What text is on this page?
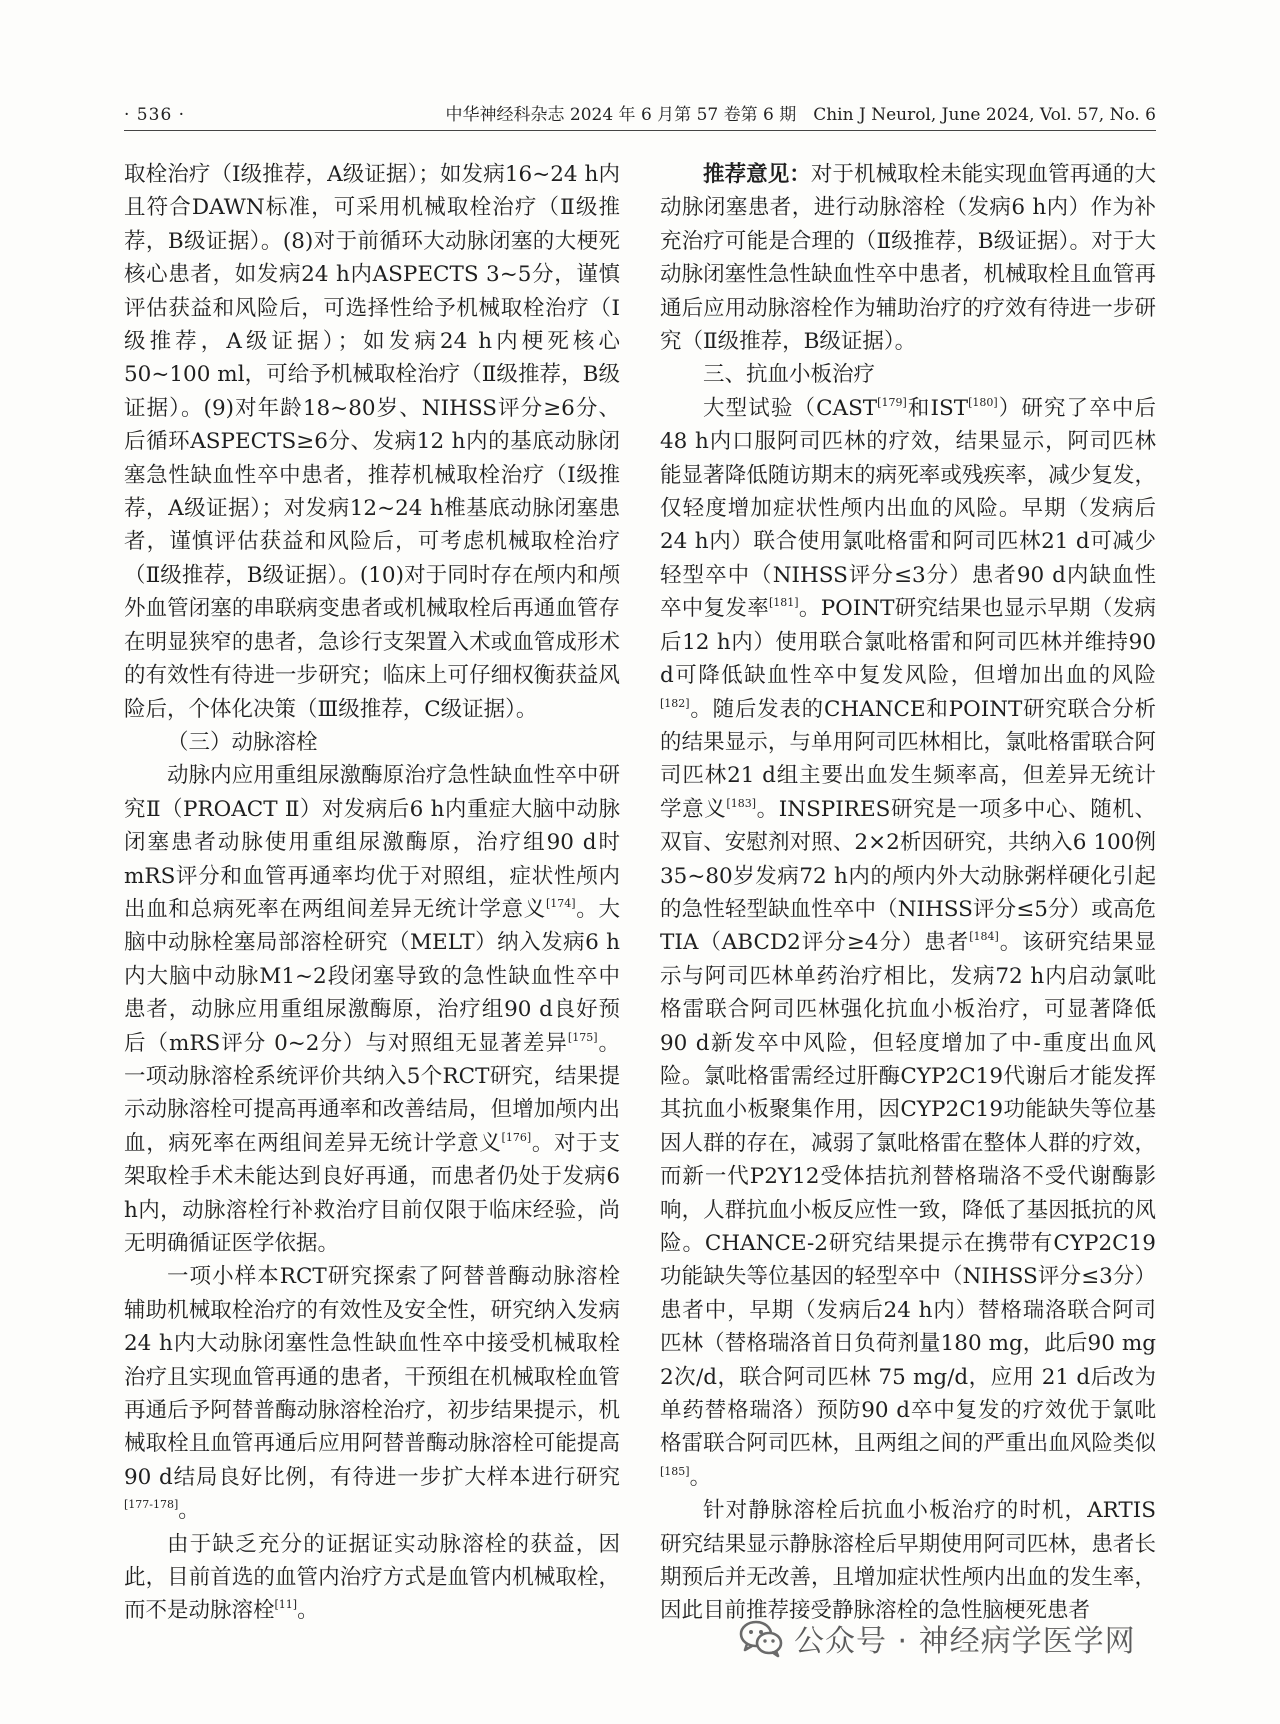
· 536 ·	中华神经科杂志 2024 年 6 月第 57 卷第 6 期　Chin J Neurol, June 2024, Vol. 57, No. 6

取栓治疗（Ⅰ级推荐，A级证据）；如发病16~24 h内且符合DAWN标准，可采用机械取栓治疗（Ⅱ级推荐，B级证据）。(8)对于前循环大动脉闭塞的大梗死核心患者，如发病24 h内ASPECTS 3~5分，谨慎评估获益和风险后，可选择性给予机械取栓治疗（Ⅰ级推荐，A级证据）；如发病24 h内梗死核心50~100 ml，可给予机械取栓治疗（Ⅱ级推荐，B级证据）。(9)对年龄18~80岁、NIHSS评分≥6分、后循环ASPECTS≥6分、发病12 h内的基底动脉闭塞急性缺血性卒中患者，推荐机械取栓治疗（Ⅰ级推荐，A级证据）；对发病12~24 h椎基底动脉闭塞患者，谨慎评估获益和风险后，可考虑机械取栓治疗（Ⅱ级推荐，B级证据）。(10)对于同时存在颅内和颅外血管闭塞的串联病变患者或机械取栓后再通血管存在明显狭窄的患者，急诊行支架置入术或血管成形术的有效性有待进一步研究；临床上可仔细权衡获益风险后，个体化决策（Ⅲ级推荐，C级证据）。

（三）动脉溶栓

动脉内应用重组尿激酶原治疗急性缺血性卒中研究Ⅱ（PROACT Ⅱ）对发病后6 h内重症大脑中动脉闭塞患者动脉使用重组尿激酶原，治疗组90 d时mRS评分和血管再通率均优于对照组，症状性颅内出血和总病死率在两组间差异无统计学意义[174]。大脑中动脉栓塞局部溶栓研究（MELT）纳入发病6 h内大脑中动脉M1~2段闭塞导致的急性缺血性卒中患者，动脉应用重组尿激酶原，治疗组90 d良好预后（mRS评分 0~2分）与对照组无显著差异[175]。一项动脉溶栓系统评价共纳入5个RCT研究，结果提示动脉溶栓可提高再通率和改善结局，但增加颅内出血，病死率在两组间差异无统计学意义[176]。对于支架取栓手术未能达到良好再通，而患者仍处于发病6 h内，动脉溶栓行补救治疗目前仅限于临床经验，尚无明确循证医学依据。

一项小样本RCT研究探索了阿替普酶动脉溶栓辅助机械取栓治疗的有效性及安全性，研究纳入发病24 h内大动脉闭塞性急性缺血性卒中接受机械取栓治疗且实现血管再通的患者，干预组在机械取栓血管再通后予阿替普酶动脉溶栓治疗，初步结果提示，机械取栓且血管再通后应用阿替普酶动脉溶栓可能提高90 d结局良好比例，有待进一步扩大样本进行研究[177-178]。

由于缺乏充分的证据证实动脉溶栓的获益，因此，目前首选的血管内治疗方式是血管内机械取栓，而不是动脉溶栓[11]。

推荐意见：对于机械取栓未能实现血管再通的大动脉闭塞患者，进行动脉溶栓（发病6 h内）作为补充治疗可能是合理的（Ⅱ级推荐，B级证据）。对于大动脉闭塞性急性缺血性卒中患者，机械取栓且血管再通后应用动脉溶栓作为辅助治疗的疗效有待进一步研究（Ⅱ级推荐，B级证据）。

三、抗血小板治疗

大型试验（CAST[179]和IST[180]）研究了卒中后48 h内口服阿司匹林的疗效，结果显示，阿司匹林能显著降低随访期末的病死率或残疾率，减少复发，仅轻度增加症状性颅内出血的风险。早期（发病后24 h内）联合使用氯吡格雷和阿司匹林21 d可减少轻型卒中（NIHSS评分≤3分）患者90 d内缺血性卒中复发率[181]。POINT研究结果也显示早期（发病后12 h内）使用联合氯吡格雷和阿司匹林并维持90 d可降低缺血性卒中复发风险，但增加出血的风险[182]。随后发表的CHANCE和POINT研究联合分析的结果显示，与单用阿司匹林相比，氯吡格雷联合阿司匹林21 d组主要出血发生频率高，但差异无统计学意义[183]。INSPIRES研究是一项多中心、随机、双盲、安慰剂对照、2×2析因研究，共纳入6 100例35~80岁发病72 h内的颅内外大动脉粥样硬化引起的急性轻型缺血性卒中（NIHSS评分≤5分）或高危TIA（ABCD2评分≥4分）患者[184]。该研究结果显示与阿司匹林单药治疗相比，发病72 h内启动氯吡格雷联合阿司匹林强化抗血小板治疗，可显著降低90 d新发卒中风险，但轻度增加了中-重度出血风险。氯吡格雷需经过肝酶CYP2C19代谢后才能发挥其抗血小板聚集作用，因CYP2C19功能缺失等位基因人群的存在，减弱了氯吡格雷在整体人群的疗效，而新一代P2Y12受体拮抗剂替格瑞洛不受代谢酶影响，人群抗血小板反应性一致，降低了基因抵抗的风险。CHANCE-2研究结果提示在携带有CYP2C19功能缺失等位基因的轻型卒中（NIHSS评分≤3分）患者中，早期（发病后24 h内）替格瑞洛联合阿司匹林（替格瑞洛首日负荷剂量180 mg，此后90 mg 2次/d，联合阿司匹林 75 mg/d，应用 21 d后改为单药替格瑞洛）预防90 d卒中复发的疗效优于氯吡格雷联合阿司匹林，且两组之间的严重出血风险类似[185]。

针对静脉溶栓后抗血小板治疗的时机，ARTIS研究结果显示静脉溶栓后早期使用阿司匹林，患者长期预后并无改善，且增加症状性颅内出血的发生率，因此目前推荐接受静脉溶栓的急性脑梗死患者

公众号 · 神经病学医学网
